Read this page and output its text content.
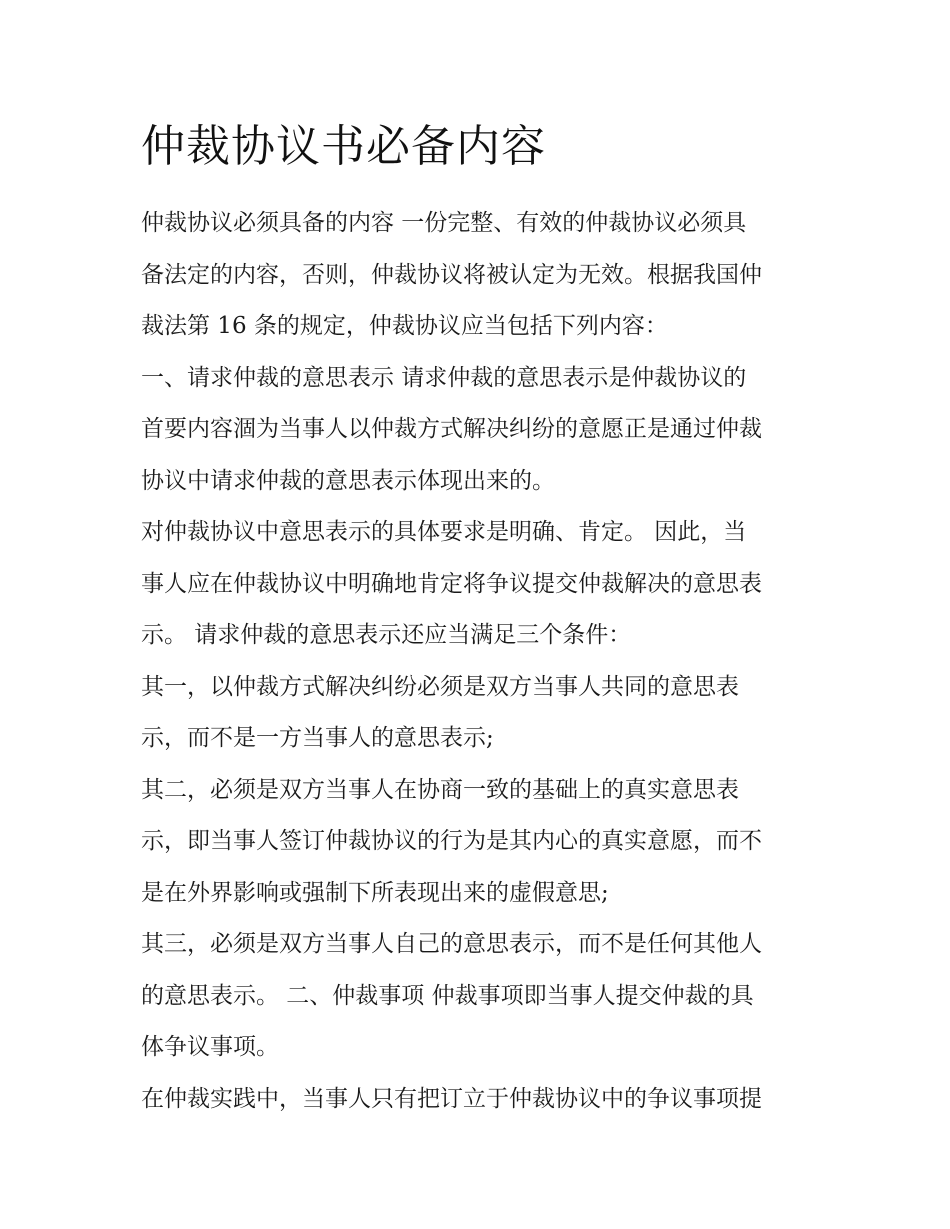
仲裁协议书必备内容
仲裁协议必须具备的内容 一份完整、有效的仲裁协议必须具
备法定的内容，否则，仲裁协议将被认定为无效。根据我国仲
裁法第 16 条的规定，仲裁协议应当包括下列内容：
一、请求仲裁的意思表示 请求仲裁的意思表示是仲裁协议的
首要内容涸为当事人以仲裁方式解决纠纷的意愿正是通过仲裁
协议中请求仲裁的意思表示体现出来的。
对仲裁协议中意思表示的具体要求是明确、肯定。 因此，当
事人应在仲裁协议中明确地肯定将争议提交仲裁解决的意思表
示。 请求仲裁的意思表示还应当满足三个条件：
其一，以仲裁方式解决纠纷必须是双方当事人共同的意思表
示，而不是一方当事人的意思表示;
其二，必须是双方当事人在协商一致的基础上的真实意思表
示，即当事人签订仲裁协议的行为是其内心的真实意愿，而不
是在外界影响或强制下所表现出来的虚假意思;
其三，必须是双方当事人自己的意思表示，而不是任何其他人
的意思表示。 二、仲裁事项 仲裁事项即当事人提交仲裁的具
体争议事项。
在仲裁实践中，当事人只有把订立于仲裁协议中的争议事项提
